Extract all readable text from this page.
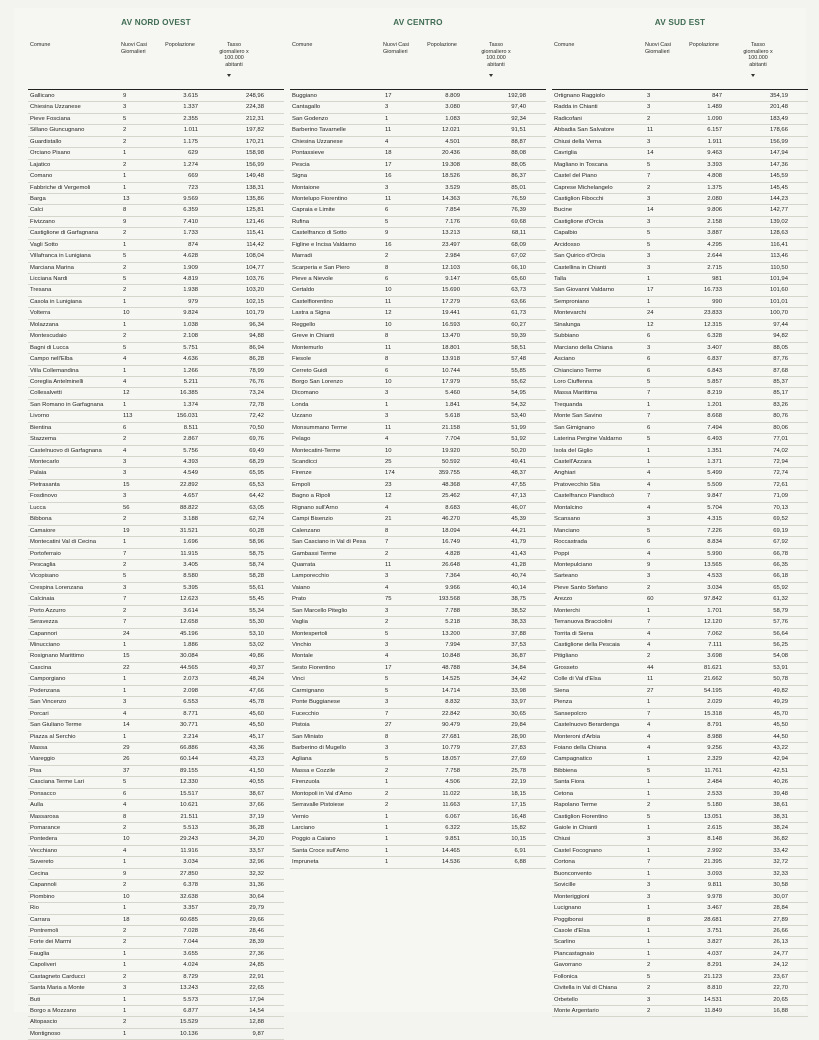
AV NORD OVEST
Comune	Nuovi Casi
Giornalieri
Popolazione	Tasso
giornaliero x
100.000
abitanti
Gallicano	9	3.615	248,96
Chiesina Uzzanese	3	1.337	224,38
Pieve Fosciana	5	2.355	212,31
Sillano Giuncugnano	2	1.011	197,82
Guardistallo	2	1.175	170,21
Orciano Pisano	1	629	158,98
Lajatico	2	1.274	156,99
Comano	1	669	149,48
Fabbriche di Vergemoli	1	723	138,31
Barga	13	9.569	135,86
Calci	8	6.359	125,81
Fivizzano	9	7.410	121,46
Castiglione di Garfagnana	2	1.733	115,41
Vagli Sotto	1	874	114,42
Villafranca in Lunigiana	5	4.628	108,04
Marciana Marina	2	1.909	104,77
Licciana Nardi	5	4.819	103,76
Tresana	2	1.938	103,20
Casola in Lunigiana	1	979	102,15
Volterra	10	9.824	101,79
Molazzana	1	1.038	96,34
Montescudaio	2	2.108	94,88
Bagni di Lucca	5	5.751	86,94
Campo nell'Elba	4	4.636	86,28
Villa Collemandina	1	1.266	78,99
Coreglia Antelminelli	4	5.211	76,76
Collesalvetti	12	16.385	73,24
San Romano in Garfagnana	1	1.374	72,78
Livorno	113	156.031	72,42
Bientina	6	8.511	70,50
Stazzema	2	2.867	69,76
Castelnuovo di Garfagnana	4	5.756	69,49
Montecarlo	3	4.393	68,29
Palaia	3	4.549	65,95
Pietrasanta	15	22.892	65,53
Fosdinovo	3	4.657	64,42
Lucca	56	88.822	63,05
Bibbona	2	3.188	62,74
Camaiore	19	31.521	60,28
Montecatini Val di Cecina	1	1.696	58,96
Portoferraio	7	11.915	58,75
Pescaglia	2	3.405	58,74
Vicopisano	5	8.580	58,28
Crespina Lorenzana	3	5.395	55,61
Calcinaia	7	12.623	55,45
Porto Azzurro	2	3.614	55,34
Seravezza	7	12.658	55,30
Capannori	24	45.196	53,10
Minucciano	1	1.886	53,02
Rosignano Marittimo	15	30.084	49,86
Cascina	22	44.565	49,37
Camporgiano	1	2.073	48,24
Podenzana	1	2.098	47,66
San Vincenzo	3	6.553	45,78
Porcari	4	8.771	45,60
San Giuliano Terme	14	30.771	45,50
Piazza al Serchio	1	2.214	45,17
Massa	29	66.886	43,36
Viareggio	26	60.144	43,23
Pisa	37	89.155	41,50
Casciana Terme Lari	5	12.330	40,55
Ponsacco	6	15.517	38,67
Aulla	4	10.621	37,66
Massarosa	8	21.511	37,19
Pomarance	2	5.513	36,28
Pontedera	10	29.243	34,20
Vecchiano	4	11.916	33,57
Suvereto	1	3.034	32,96
Cecina	9	27.850	32,32
Capannoli	2	6.378	31,36
Piombino	10	32.638	30,64
Rio	1	3.357	29,79
Carrara	18	60.685	29,66
Pontremoli	2	7.028	28,46
Forte dei Marmi	2	7.044	28,39
Fauglia	1	3.655	27,36
Capoliveri	1	4.024	24,85
Castagneto Carducci	2	8.729	22,91
Santa Maria a Monte	3	13.243	22,65
Buti	1	5.573	17,94
Borgo a Mozzano	1	6.877	14,54
Altopascio	2	15.529	12,88
Montignoso	1	10.136	9,87
AV CENTRO
Comune	Nuovi Casi
Giornalieri
Popolazione	Tasso
giornaliero x
100.000
abitanti
Buggiano	17	8.809	192,98
Cantagallo	3	3.080	97,40
San Godenzo	1	1.083	92,34
Barberino Tavarnelle	11	12.021	91,51
Chiesina Uzzanese	4	4.501	88,87
Pontassieve	18	20.436	88,08
Pescia	17	19.308	88,05
Signa	16	18.526	86,37
Montaione	3	3.529	85,01
Montelupo Fiorentino	11	14.363	76,59
Capraia e Limite	6	7.854	76,39
Rufina	5	7.176	69,68
Castelfranco di Sotto	9	13.213	68,11
Figline e Incisa Valdarno	16	23.497	68,09
Marradi	2	2.984	67,02
Scarperia e San Piero	8	12.103	66,10
Pieve a Nievole	6	9.147	65,60
Certaldo	10	15.690	63,73
Castelfiorentino	11	17.279	63,66
Lastra a Signa	12	19.441	61,73
Reggello	10	16.593	60,27
Greve in Chianti	8	13.470	59,39
Montemurlo	11	18.801	58,51
Fiesole	8	13.918	57,48
Cerreto Guidi	6	10.744	55,85
Borgo San Lorenzo	10	17.979	55,62
Dicomano	3	5.460	54,95
Londa	1	1.841	54,32
Uzzano	3	5.618	53,40
Monsummano Terme	11	21.158	51,99
Pelago	4	7.704	51,92
Montecatini-Terme	10	19.920	50,20
Scandicci	25	50.592	49,41
Firenze	174	359.755	48,37
Empoli	23	48.368	47,55
Bagno a Ripoli	12	25.462	47,13
Rignano sull'Arno	4	8.683	46,07
Campi Bisenzio	21	46.270	45,39
Calenzano	8	18.094	44,21
San Casciano in Val di Pesa	7	16.749	41,79
Gambassi Terme	2	4.828	41,43
Quarrata	11	26.648	41,28
Lamporecchio	3	7.364	40,74
Vaiano	4	9.966	40,14
Prato	75	193.568	38,75
San Marcello Piteglio	3	7.788	38,52
Vaglia	2	5.218	38,33
Montespertoli	5	13.200	37,88
Vinchio	3	7.994	37,53
Montale	4	10.848	36,87
Sesto Fiorentino	17	48.788	34,84
Vinci	5	14.525	34,42
Carmignano	5	14.714	33,98
Ponte Buggianese	3	8.832	33,97
Fucecchio	7	22.842	30,65
Pistoia	27	90.479	29,84
San Miniato	8	27.681	28,90
Barberino di Mugello	3	10.779	27,83
Agliana	5	18.057	27,69
Massa e Cozzile	2	7.758	25,78
Firenzuola	1	4.506	22,19
Montopoli in Val d'Arno	2	11.022	18,15
Serravalle Pistoiese	2	11.663	17,15
Vernio	1	6.067	16,48
Larciano	1	6.322	15,82
Poggio a Caiano	1	9.851	10,15
Santa Croce sull'Arno	1	14.465	6,91
Impruneta	1	14.536	6,88
AV SUD EST
Comune	Nuovi Casi
Giornalieri
Popolazione	Tasso
giornaliero x
100.000
abitanti
Ortignano Raggiolo	3	847	354,19
Radda in Chianti	3	1.489	201,48
Radicofani	2	1.090	183,49
Abbadia San Salvatore	11	6.157	178,66
Chiusi della Verna	3	1.911	156,99
Cavriglia	14	9.463	147,94
Magliano in Toscana	5	3.393	147,36
Castel del Piano	7	4.808	145,59
Caprese Michelangelo	2	1.375	145,45
Castiglion Fibocchi	3	2.080	144,23
Bucine	14	9.806	142,77
Castiglione d'Orcia	3	2.158	139,02
Capalbio	5	3.887	128,63
Arcidosso	5	4.295	116,41
San Quirico d'Orcia	3	2.644	113,46
Castellina in Chianti	3	2.715	110,50
Talla	1	981	101,94
San Giovanni Valdarno	17	16.733	101,60
Semproniano	1	990	101,01
Montevarchi	24	23.833	100,70
Sinalunga	12	12.315	97,44
Subbiano	6	6.328	94,82
Marciano della Chiana	3	3.407	88,05
Asciano	6	6.837	87,76
Chianciano Terme	6	6.843	87,68
Loro Ciuffenna	5	5.857	85,37
Massa Marittima	7	8.219	85,17
Trequanda	1	1.201	83,26
Monte San Savino	7	8.668	80,76
San Gimignano	6	7.494	80,06
Laterina Pergine Valdarno	5	6.493	77,01
Isola del Giglio	1	1.351	74,02
Castell'Azzara	1	1.371	72,94
Anghiari	4	5.499	72,74
Pratovecchio Stia	4	5.509	72,61
Castelfranco Piandiscò	7	9.847	71,09
Montalcino	4	5.704	70,13
Scansano	3	4.315	69,52
Manciano	5	7.226	69,19
Roccastrada	6	8.834	67,92
Poppi	4	5.990	66,78
Montepulciano	9	13.565	66,35
Sarteano	3	4.533	66,18
Pieve Santo Stefano	2	3.034	65,92
Arezzo	60	97.842	61,32
Monterchi	1	1.701	58,79
Terranuova Bracciolini	7	12.120	57,76
Torrita di Siena	4	7.062	56,64
Castiglione della Pescaia	4	7.111	56,25
Pitigliano	2	3.698	54,08
Grosseto	44	81.621	53,91
Colle di Val d'Elsa	11	21.662	50,78
Siena	27	54.195	49,82
Pienza	1	2.029	49,29
Sansepolcro	7	15.318	45,70
Castelnuovo Berardenga	4	8.791	45,50
Monteroni d'Arbia	4	8.988	44,50
Foiano della Chiana	4	9.256	43,22
Campagnatico	1	2.329	42,94
Bibbiena	5	11.761	42,51
Santa Fiora	1	2.484	40,26
Cetona	1	2.533	39,48
Rapolano Terme	2	5.180	38,61
Castiglion Fiorentino	5	13.051	38,31
Gaiole in Chianti	1	2.615	38,24
Chiusi	3	8.148	36,82
Castel Focognano	1	2.992	33,42
Cortona	7	21.395	32,72
Buonconvento	1	3.093	32,33
Sovicille	3	9.811	30,58
Monteriggioni	3	9.978	30,07
Lucignano	1	3.467	28,84
Poggibonsi	8	28.681	27,89
Casole d'Elsa	1	3.751	26,66
Scarlino	1	3.827	26,13
Piancastagnaio	1	4.037	24,77
Gavorrano	2	8.291	24,12
Follonica	5	21.123	23,67
Civitella in Val di Chiana	2	8.810	22,70
Orbetello	3	14.531	20,65
Monte Argentario	2	11.849	16,88
